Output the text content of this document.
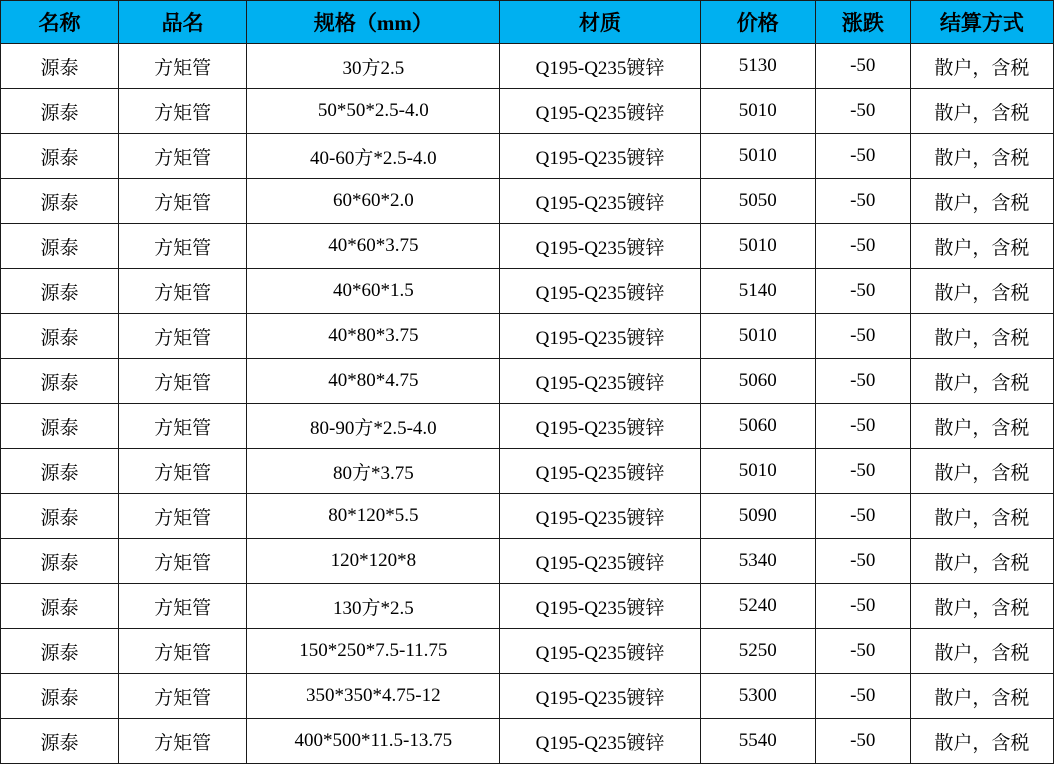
名称	品名	规格（mm）	材质	价格	涨跌	结算方式
源泰	方矩管	30方2.5	Q195-Q235镀锌	5130	-50	散户，含税
源泰	方矩管	50*50*2.5-4.0	Q195-Q235镀锌	5010	-50	散户，含税
源泰	方矩管	40-60方*2.5-4.0	Q195-Q235镀锌	5010	-50	散户，含税
源泰	方矩管	60*60*2.0	Q195-Q235镀锌	5050	-50	散户，含税
源泰	方矩管	40*60*3.75	Q195-Q235镀锌	5010	-50	散户，含税
源泰	方矩管	40*60*1.5	Q195-Q235镀锌	5140	-50	散户，含税
源泰	方矩管	40*80*3.75	Q195-Q235镀锌	5010	-50	散户，含税
源泰	方矩管	40*80*4.75	Q195-Q235镀锌	5060	-50	散户，含税
源泰	方矩管	80-90方*2.5-4.0	Q195-Q235镀锌	5060	-50	散户，含税
源泰	方矩管	80方*3.75	Q195-Q235镀锌	5010	-50	散户，含税
源泰	方矩管	80*120*5.5	Q195-Q235镀锌	5090	-50	散户，含税
源泰	方矩管	120*120*8	Q195-Q235镀锌	5340	-50	散户，含税
源泰	方矩管	130方*2.5	Q195-Q235镀锌	5240	-50	散户，含税
源泰	方矩管	150*250*7.5-11.75	Q195-Q235镀锌	5250	-50	散户，含税
源泰	方矩管	350*350*4.75-12	Q195-Q235镀锌	5300	-50	散户，含税
源泰	方矩管	400*500*11.5-13.75	Q195-Q235镀锌	5540	-50	散户，含税
